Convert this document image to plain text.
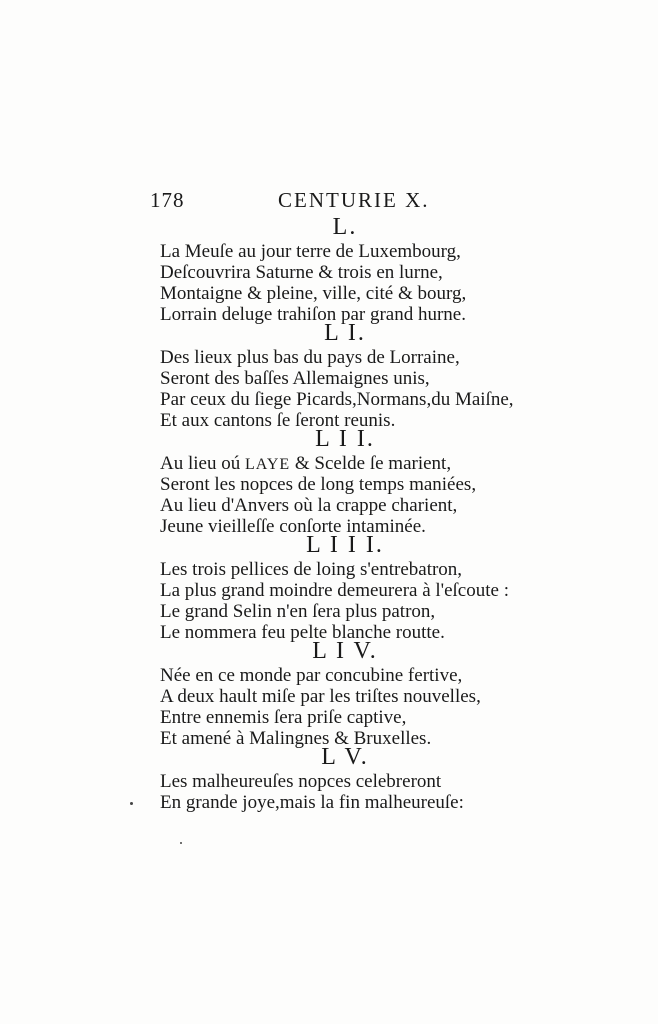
178	CENTURIE X.
L.
La Meuſe au jour terre de Luxembourg,
Deſcouvrira Saturne & trois en lurne,
Montaigne & pleine, ville, cité & bourg,
Lorrain deluge trahiſon par grand hurne.
L I.
Des lieux plus bas du pays de Lorraine,
Seront des baſſes Allemaignes unis,
Par ceux du ſiege Picards,Normans,du Maiſne,
Et aux cantons ſe ſeront reunis.
L I I.
Au lieu oú LAYE & Scelde ſe marient,
Seront les nopces de long temps maniées,
Au lieu d'Anvers où la crappe charient,
Jeune vieilleſſe conſorte intaminée.
L I I I.
Les trois pellices de loing s'entrebatron,
La plus grand moindre demeurera à l'eſcoute :
Le grand Selin n'en ſera plus patron,
Le nommera feu pelte blanche routte.
L I V.
Née en ce monde par concubine fertive,
A deux hault miſe par les triſtes nouvelles,
Entre ennemis ſera priſe captive,
Et amené à Malingnes & Bruxelles.
L V.
Les malheureuſes nopces celebreront
En grande joye,mais la fin malheureuſe:
